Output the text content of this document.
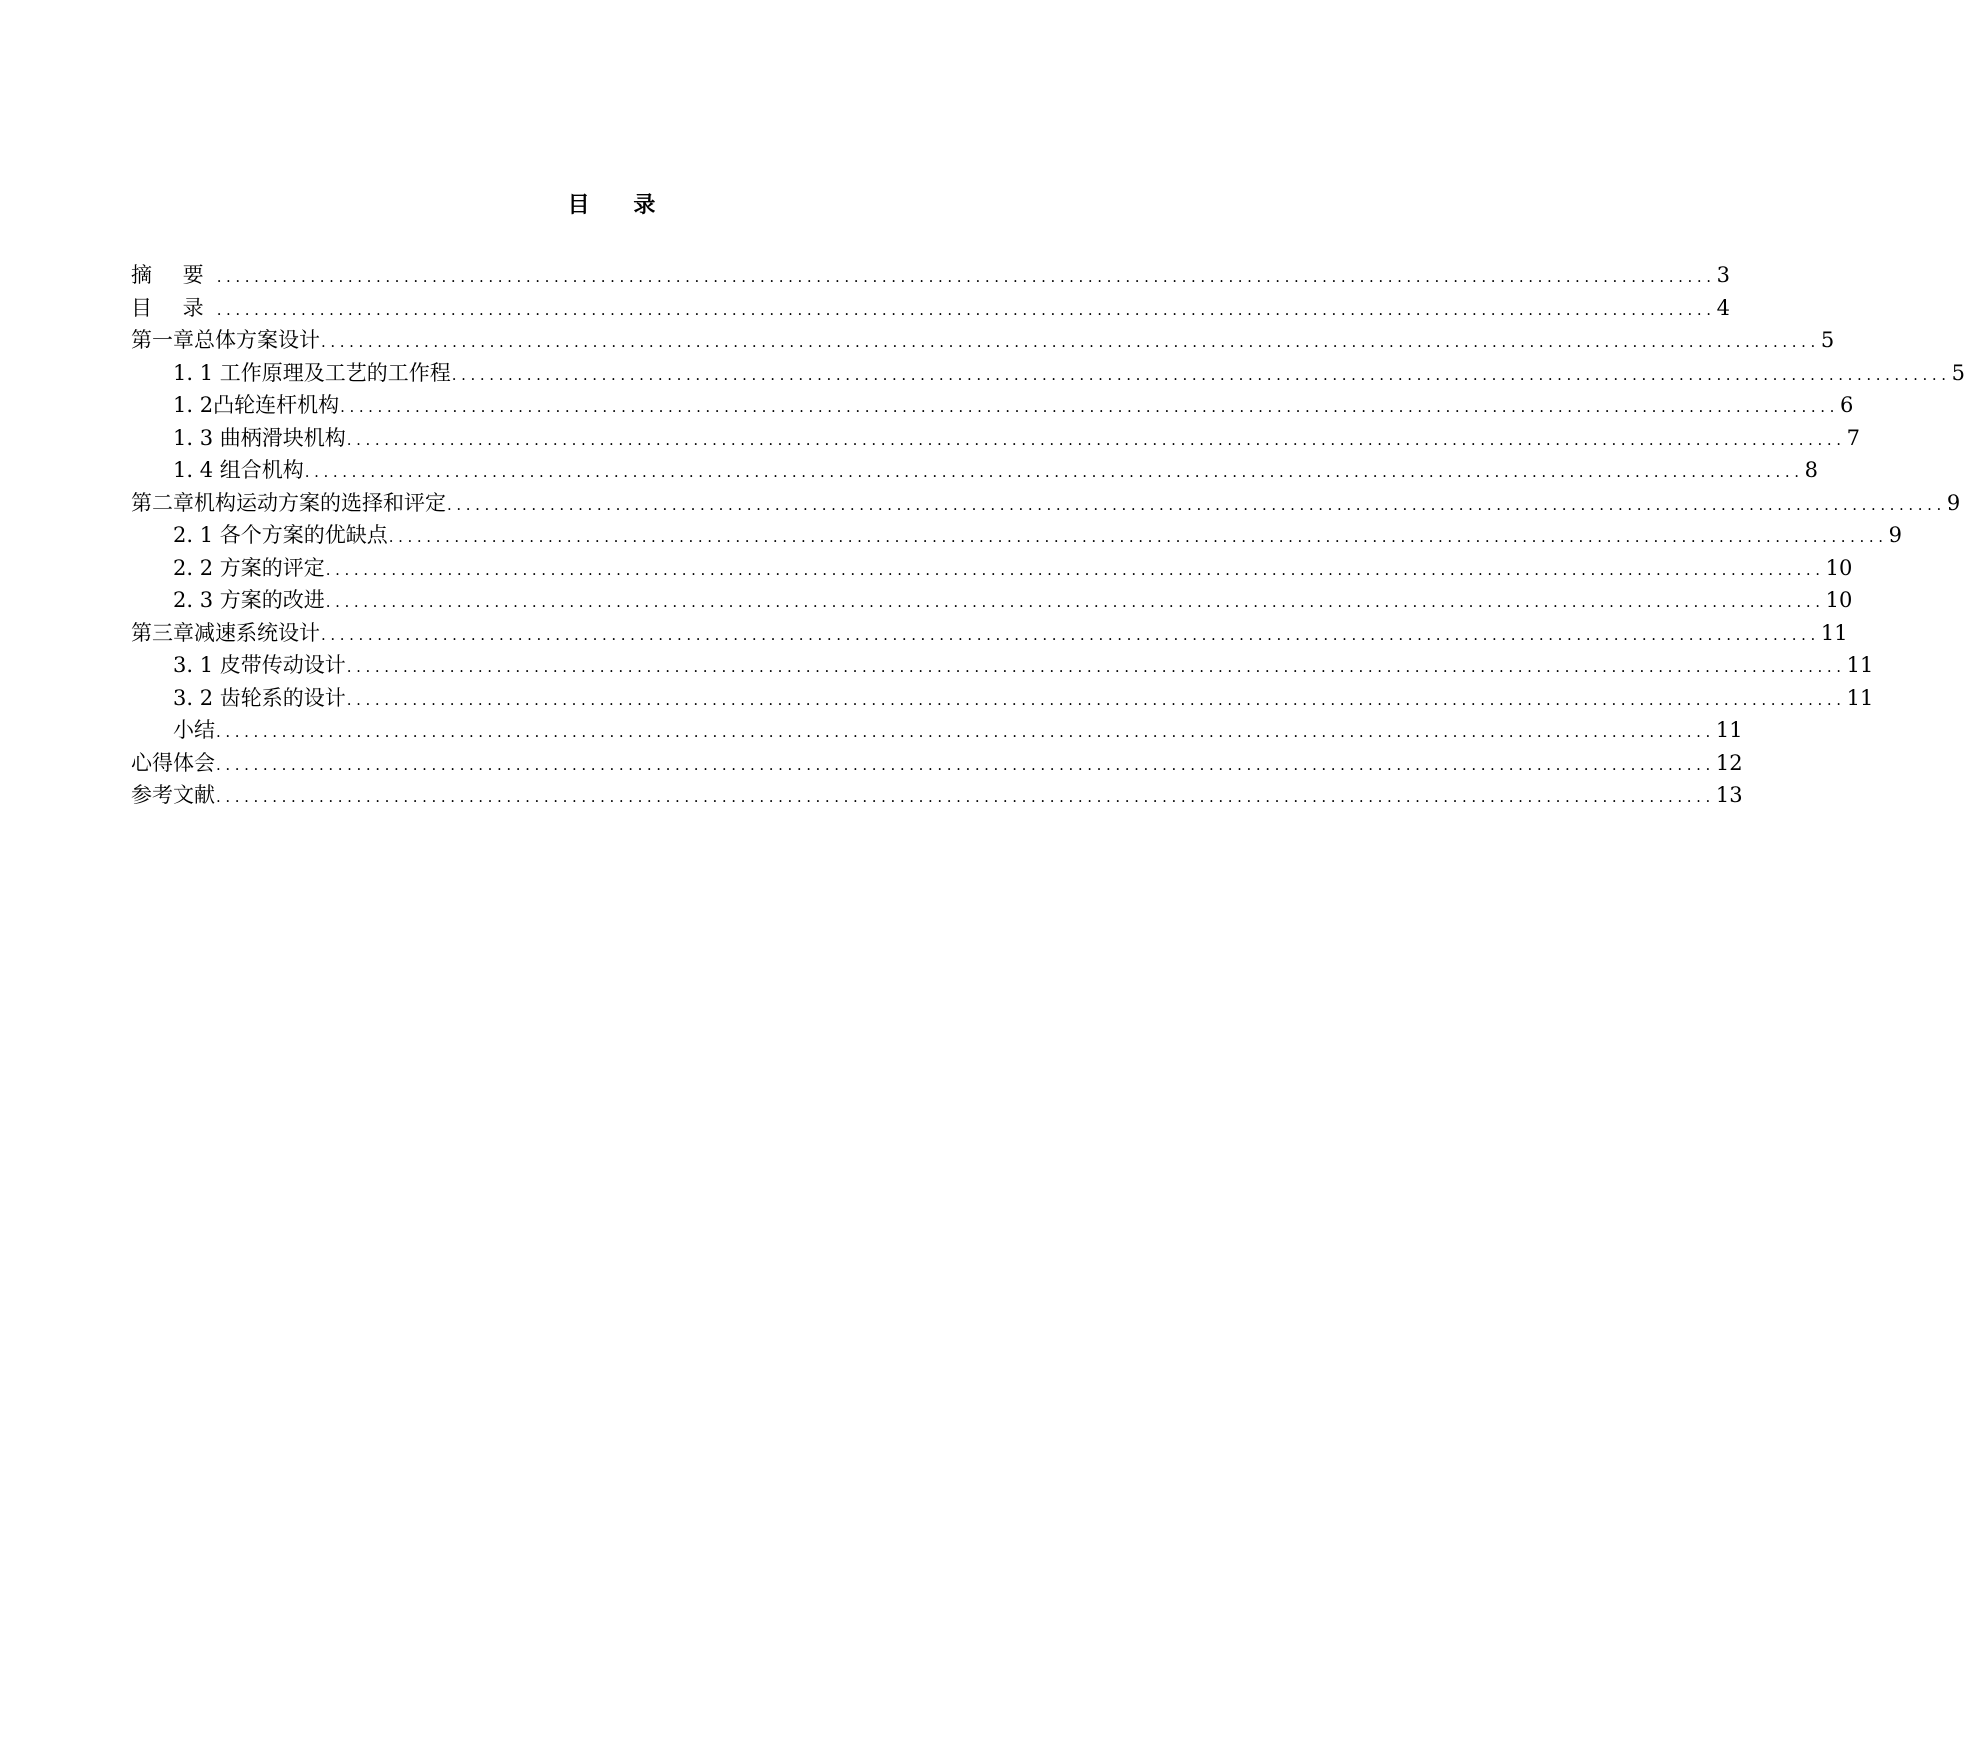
目 录
摘 要 ................................................................................................................................................................ 3
目 录 ................................................................................................................................................................ 4
第一章总体方案设计 ................................................................................................................................................................ 5
1. 1 工作原理及工艺的工作程 ................................................................................................................................................................ 5
1. 2凸轮连杆机构 ................................................................................................................................................................ 6
1. 3 曲柄滑块机构 ................................................................................................................................................................ 7
1. 4 组合机构 ................................................................................................................................................................ 8
第二章机构运动方案的选择和评定 ................................................................................................................................................................ 9
2. 1 各个方案的优缺点 ................................................................................................................................................................ 9
2. 2 方案的评定 ................................................................................................................................................................ 10
2. 3 方案的改进 ................................................................................................................................................................ 10
第三章减速系统设计 ................................................................................................................................................................ 11
3. 1 皮带传动设计 ................................................................................................................................................................ 11
3. 2 齿轮系的设计 ................................................................................................................................................................ 11
小结 ................................................................................................................................................................ 11
心得体会 ................................................................................................................................................................ 12
参考文献 ................................................................................................................................................................ 13
